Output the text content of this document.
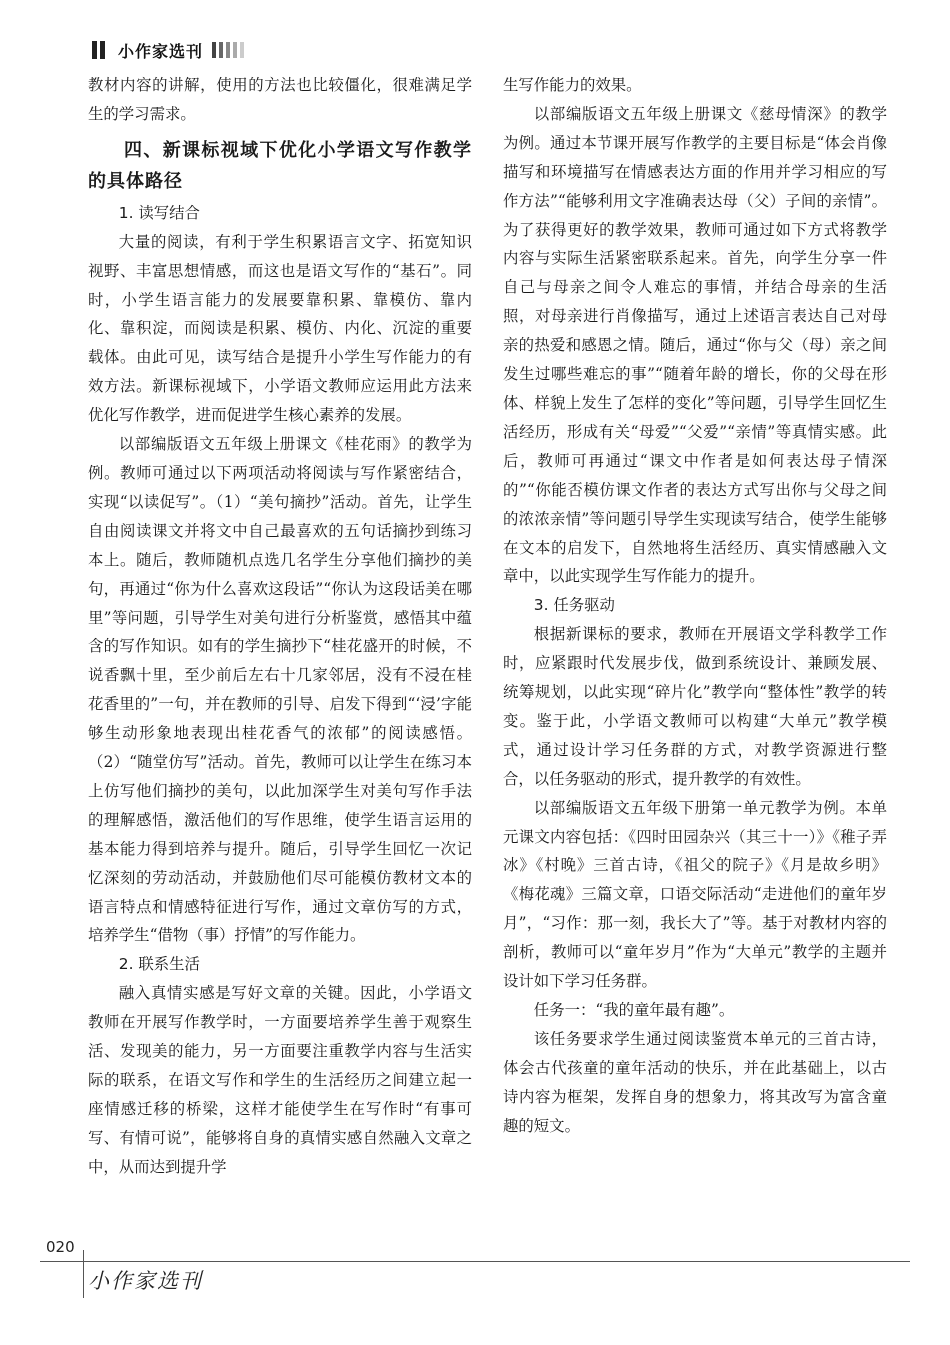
小作家选刊

教材内容的讲解，使用的方法也比较僵化，很难满足学生的学习需求。

四、新课标视域下优化小学语文写作教学的具体路径
1. 读写结合

大量的阅读，有利于学生积累语言文字、拓宽知识视野、丰富思想情感，而这也是语文写作的“基石”。同时，小学生语言能力的发展要靠积累、靠模仿、靠内化、靠积淀，而阅读是积累、模仿、内化、沉淀的重要载体。由此可见，读写结合是提升小学生写作能力的有效方法。新课标视域下，小学语文教师应运用此方法来优化写作教学，进而促进学生核心素养的发展。

以部编版语文五年级上册课文《桂花雨》的教学为例。教师可通过以下两项活动将阅读与写作紧密结合，实现“以读促写”。（1）“美句摘抄”活动。首先，让学生自由阅读课文并将文中自己最喜欢的五句话摘抄到练习本上。随后，教师随机点选几名学生分享他们摘抄的美句，再通过“你为什么喜欢这段话”“你认为这段话美在哪里”等问题，引导学生对美句进行分析鉴赏，感悟其中蕴含的写作知识。如有的学生摘抄下“桂花盛开的时候，不说香飘十里，至少前后左右十几家邻居，没有不浸在桂花香里的”一句，并在教师的引导、启发下得到“‘浸’字能够生动形象地表现出桂花香气的浓郁”的阅读感悟。（2）“随堂仿写”活动。首先，教师可以让学生在练习本上仿写他们摘抄的美句，以此加深学生对美句写作手法的理解感悟，激活他们的写作思维，使学生语言运用的基本能力得到培养与提升。随后，引导学生回忆一次记忆深刻的劳动活动，并鼓励他们尽可能模仿教材文本的语言特点和情感特征进行写作，通过文章仿写的方式，培养学生“借物（事）抒情”的写作能力。

2. 联系生活

融入真情实感是写好文章的关键。因此，小学语文教师在开展写作教学时，一方面要培养学生善于观察生活、发现美的能力，另一方面要注重教学内容与生活实际的联系，在语文写作和学生的生活经历之间建立起一座情感迁移的桥梁，这样才能使学生在写作时“有事可写、有情可说”，能够将自身的真情实感自然融入文章之中，从而达到提升学

生写作能力的效果。

以部编版语文五年级上册课文《慈母情深》的教学为例。通过本节课开展写作教学的主要目标是“体会肖像描写和环境描写在情感表达方面的作用并学习相应的写作方法”“能够利用文字准确表达母（父）子间的亲情”。为了获得更好的教学效果，教师可通过如下方式将教学内容与实际生活紧密联系起来。首先，向学生分享一件自己与母亲之间令人难忘的事情，并结合母亲的生活照，对母亲进行肖像描写，通过上述语言表达自己对母亲的热爱和感恩之情。随后，通过“你与父（母）亲之间发生过哪些难忘的事”“随着年龄的增长，你的父母在形体、样貌上发生了怎样的变化”等问题，引导学生回忆生活经历，形成有关“母爱”“父爱”“亲情”等真情实感。此后，教师可再通过“课文中作者是如何表达母子情深的”“你能否模仿课文作者的表达方式写出你与父母之间的浓浓亲情”等问题引导学生实现读写结合，使学生能够在文本的启发下，自然地将生活经历、真实情感融入文章中，以此实现学生写作能力的提升。

3. 任务驱动

根据新课标的要求，教师在开展语文学科教学工作时，应紧跟时代发展步伐，做到系统设计、兼顾发展、统筹规划，以此实现“碎片化”教学向“整体性”教学的转变。鉴于此，小学语文教师可以构建“大单元”教学模式，通过设计学习任务群的方式，对教学资源进行整合，以任务驱动的形式，提升教学的有效性。

以部编版语文五年级下册第一单元教学为例。本单元课文内容包括：《四时田园杂兴（其三十一）》《稚子弄冰》《村晚》三首古诗，《祖父的院子》《月是故乡明》《梅花魂》三篇文章，口语交际活动“走进他们的童年岁月”，“习作：那一刻，我长大了”等。基于对教材内容的剖析，教师可以“童年岁月”作为“大单元”教学的主题并设计如下学习任务群。

任务一：“我的童年最有趣”。

该任务要求学生通过阅读鉴赏本单元的三首古诗，体会古代孩童的童年活动的快乐，并在此基础上，以古诗内容为框架，发挥自身的想象力，将其改写为富含童趣的短文。

020
小作家选刊
